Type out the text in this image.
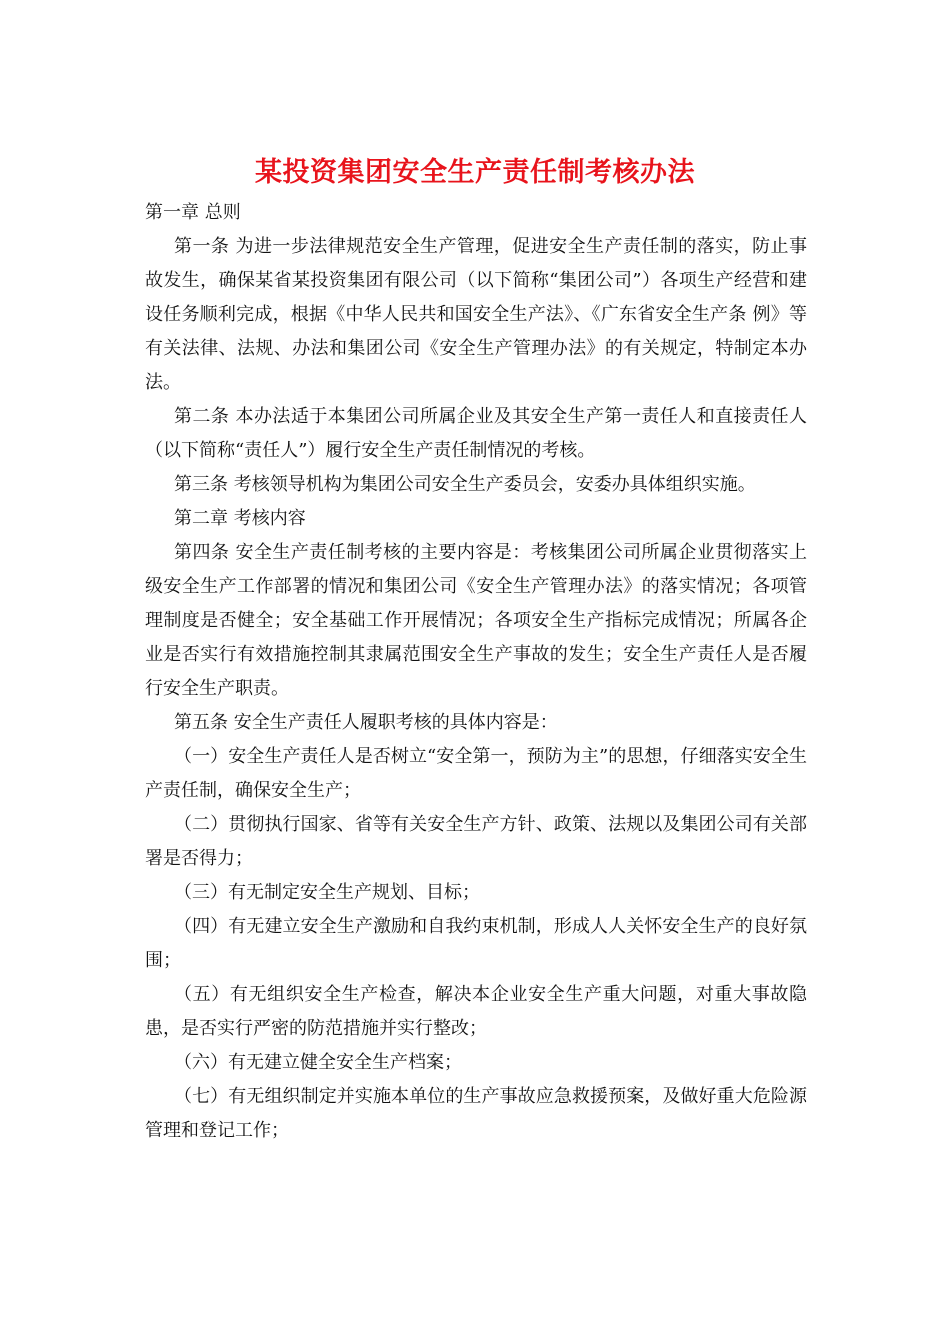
某投资集团安全生产责任制考核办法

第一章 总则

第一条 为进一步法律规范安全生产管理，促进安全生产责任制的落实，防止事故发生，确保某省某投资集团有限公司（以下简称“集团公司”）各项生产经营和建设任务顺利完成，根据《中华人民共和国安全生产法》、《广东省安全生产条 例》等有关法律、法规、办法和集团公司《安全生产管理办法》的有关规定，特制定本办法。

第二条 本办法适于本集团公司所属企业及其安全生产第一责任人和直接责任人（以下简称“责任人”）履行安全生产责任制情况的考核。

第三条 考核领导机构为集团公司安全生产委员会，安委办具体组织实施。

第二章 考核内容

第四条 安全生产责任制考核的主要内容是：考核集团公司所属企业贯彻落实上级安全生产工作部署的情况和集团公司《安全生产管理办法》的落实情况；各项管理制度是否健全；安全基础工作开展情况；各项安全生产指标完成情况；所属各企业是否实行有效措施控制其隶属范围安全生产事故的发生；安全生产责任人是否履行安全生产职责。

第五条 安全生产责任人履职考核的具体内容是：

（一）安全生产责任人是否树立“安全第一，预防为主”的思想，仔细落实安全生产责任制，确保安全生产；

（二）贯彻执行国家、省等有关安全生产方针、政策、法规以及集团公司有关部署是否得力；

（三）有无制定安全生产规划、目标；

（四）有无建立安全生产激励和自我约束机制，形成人人关怀安全生产的良好氛围；

（五）有无组织安全生产检查，解决本企业安全生产重大问题，对重大事故隐患，是否实行严密的防范措施并实行整改；

（六）有无建立健全安全生产档案；

（七）有无组织制定并实施本单位的生产事故应急救援预案，及做好重大危险源管理和登记工作；
